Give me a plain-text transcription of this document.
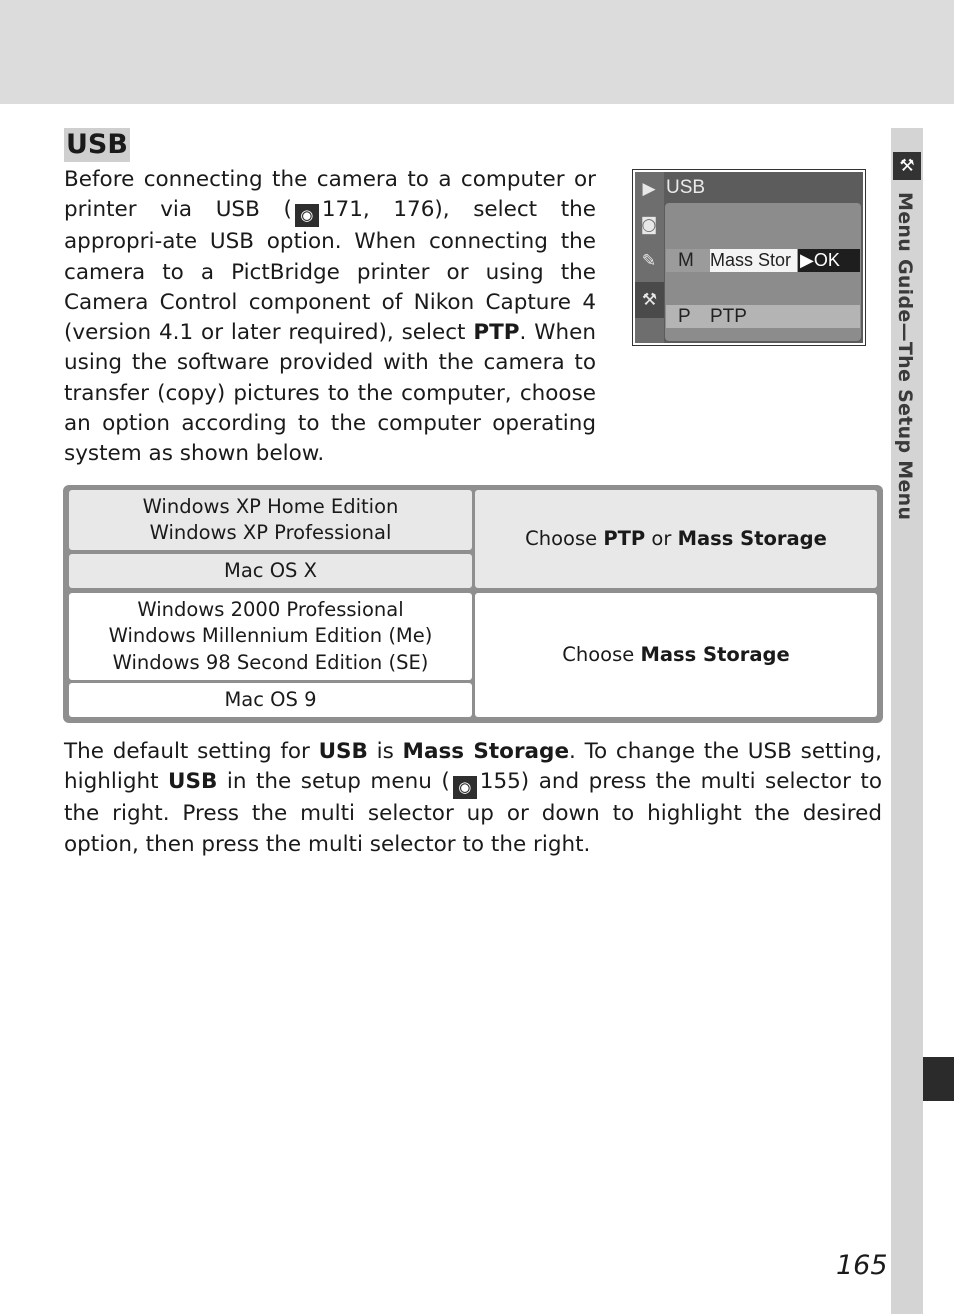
⚒
Menu Guide—The Setup Menu
USB
Before connecting the camera to a computer or printer via USB ( ◉ 171, 176), select the appropri-ate USB option. When connecting the camera to a PictBridge printer or using the Camera Control component of Nikon Capture 4 (version 4.1 or later required), select PTP. When using the software provided with the camera to transfer (copy) pictures to the computer, choose an option according to the computer operating system as shown below.
▶
◙
✎
⚒
USB
M Mass Stor ▶OK
P PTP
Windows XP Home Edition
Windows XP Professional
Mac OS X
Choose PTP or Mass Storage
Windows 2000 Professional
Windows Millennium Edition (Me)
Windows 98 Second Edition (SE)
Mac OS 9
Choose Mass Storage
The default setting for USB is Mass Storage. To change the USB setting, highlight USB in the setup menu ( ◉ 155) and press the multi selector to the right. Press the multi selector up or down to highlight the desired option, then press the multi selector to the right.
165
